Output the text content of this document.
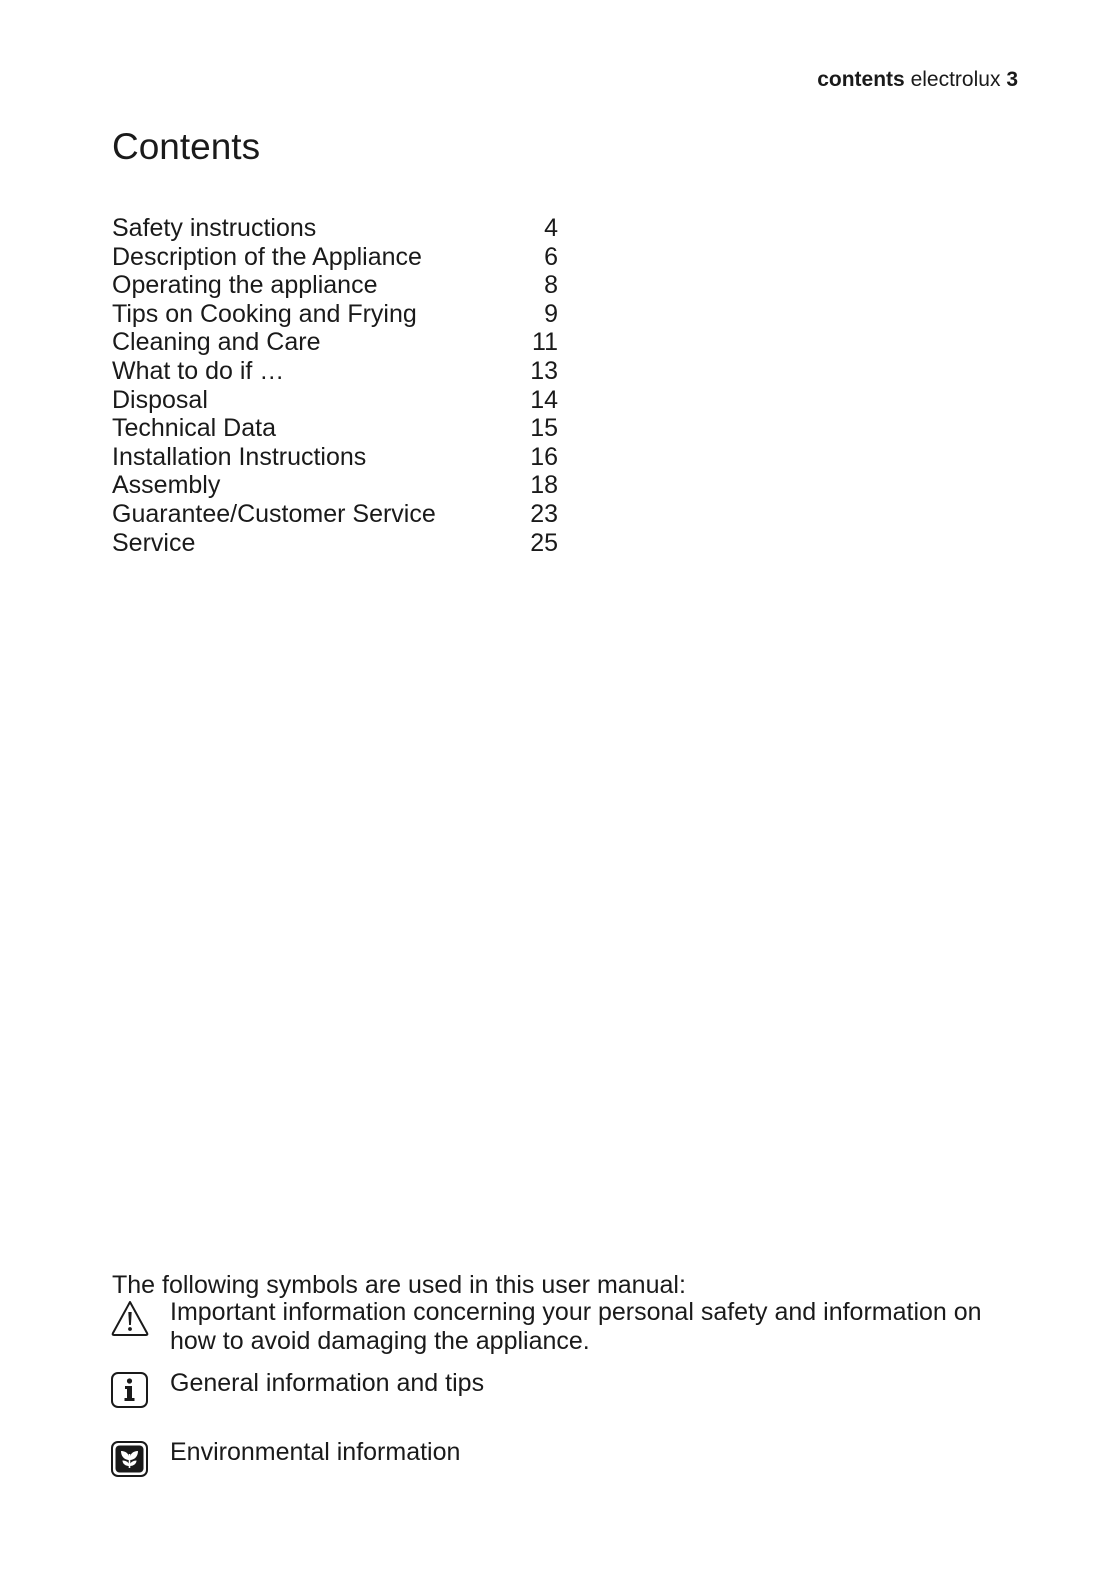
contents electrolux 3
Contents
Safety instructions	4
Description of the Appliance	6
Operating the appliance	8
Tips on Cooking and Frying	9
Cleaning and Care	11
What to do if …	13
Disposal	14
Technical Data	15
Installation Instructions	16
Assembly	18
Guarantee/Customer Service	23
Service	25
The following symbols are used in this user manual:
Important information concerning your personal safety and information on how to avoid damaging the appliance.
General information and tips
Environmental information
